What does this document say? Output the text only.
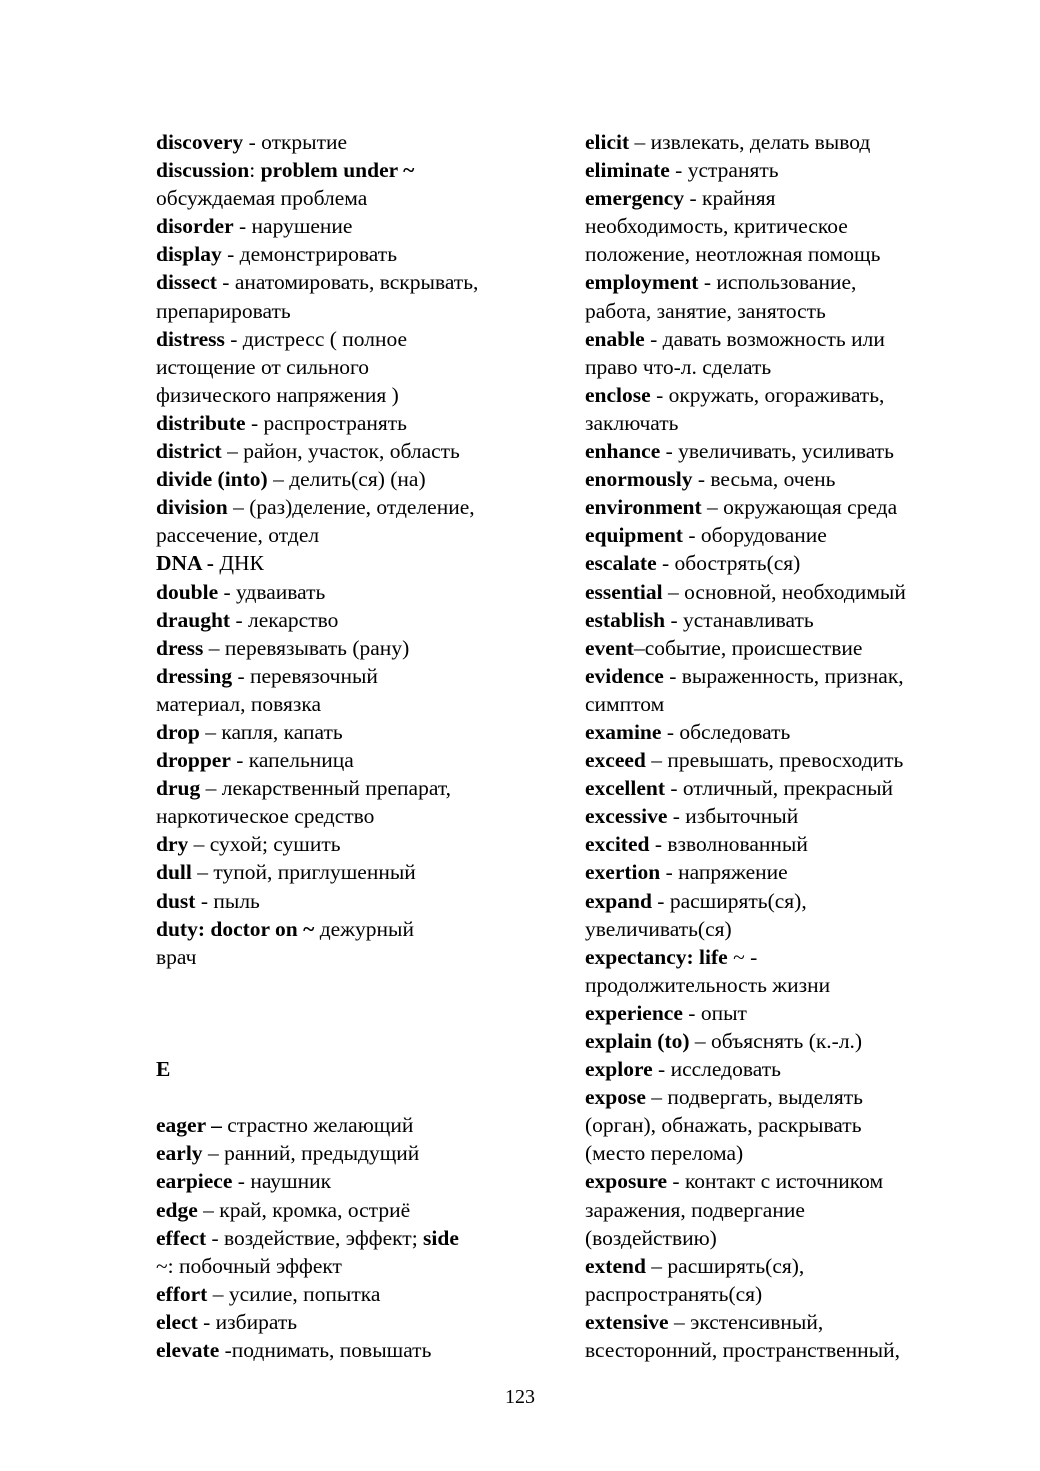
discovery - открытие
discussion: problem under ~
обсуждаемая проблема
disorder - нарушение
display - демонстрировать
dissect - анатомировать, вскрывать,
препарировать
distress - дистресс ( полное
истощение от сильного
физического напряжения )
distribute - распространять
district – район, участок, область
divide (into) – делить(ся) (на)
division – (раз)деление, отделение,
рассечение, отдел
DNA - ДНК
double - удваивать
draught - лекарство
dress – перевязывать (рану)
dressing - перевязочный
материал, повязка
drop – капля, капать
dropper - капельница
drug – лекарственный препарат,
наркотическое средство
dry – сухой; сушить
dull – тупой, приглушенный
dust - пыль
duty: doctor on ~ дежурный
врач
E
eager – страстно желающий
early – ранний, предыдущий
earpiece - наушник
edge – край, кромка, остриё
effect - воздействие, эффект; side
~: побочный эффект
effort – усилие, попытка
elect - избирать
elevate -поднимать, повышать
elicit – извлекать, делать вывод
eliminate - устранять
emergency - крайняя
необходимость, критическое
положение, неотложная помощь
employment - использование,
работа, занятие, занятость
enable - давать возможность или
право что-л. сделать
enclose - окружать, огораживать,
заключать
enhance - увеличивать, усиливать
enormously - весьма, очень
environment – окружающая среда
equipment - оборудование
escalate - обострять(ся)
essential – основной, необходимый
establish - устанавливать
event–событие, происшествие
evidence - выраженность, признак,
симптом
examine - обследовать
exceed – превышать, превосходить
excellent - отличный, прекрасный
excessive - избыточный
excited - взволнованный
exertion - напряжение
expand - расширять(ся),
увеличивать(ся)
expectancy: life ~ -
продолжительность жизни
experience - опыт
explain (to) – объяснять (к.-л.)
explore - исследовать
expose – подвергать, выделять
(орган), обнажать, раскрывать
(место перелома)
exposure - контакт с источником
заражения, подвергание
(воздействию)
extend – расширять(ся),
распространять(ся)
extensive – экстенсивный,
всесторонний, пространственный,
123
